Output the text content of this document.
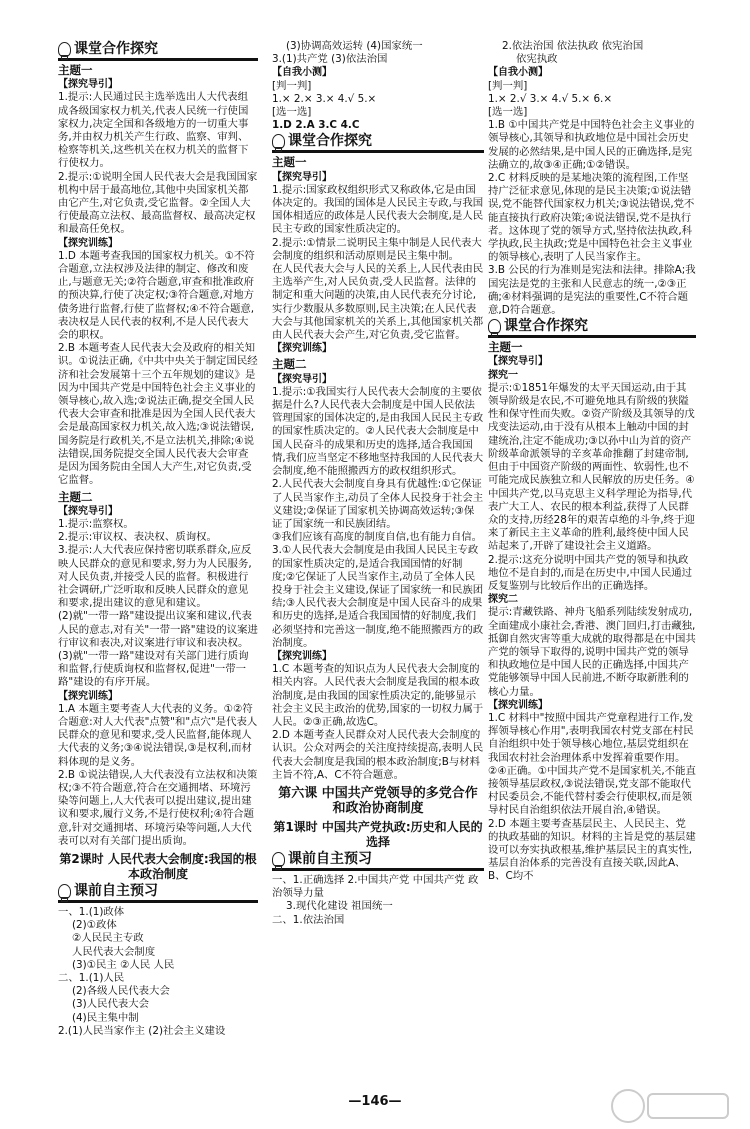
课堂合作探究
主题一
【探究导引】

1.提示:人民通过民主选举选出人大代表组成各级国家权力机关,代表人民统一行使国家权力,决定全国和各级地方的一切重大事务,并由权力机关产生行政、监察、审判、检察等机关,这些机关在权力机关的监督下行使权力。

2.提示:①说明全国人民代表大会是我国国家机构中居于最高地位,其他中央国家机关都由它产生,对它负责,受它监督。②全国人大行使最高立法权、最高监督权、最高决定权和最高任免权。

【探究训练】

1.D 本题考查我国的国家权力机关。①不符合题意,立法权涉及法律的制定、修改和废止,与题意无关;②符合题意,审查和批准政府的预决算,行使了决定权;③符合题意,对地方债务进行监督,行使了监督权;④不符合题意,表决权是人民代表的权利,不是人民代表大会的职权。

2.B 本题考查人民代表大会及政府的相关知识。①说法正确,《中共中央关于制定国民经济和社会发展第十三个五年规划的建议》是因为中国共产党是中国特色社会主义事业的领导核心,故入选;②说法正确,提交全国人民代表大会审查和批准是因为全国人民代表大会是最高国家权力机关,故入选;③说法错误,国务院是行政机关,不是立法机关,排除;④说法错误,国务院提交全国人民代表大会审查是因为国务院由全国人大产生,对它负责,受它监督。

主题二
【探究导引】

1.提示:监察权。

2.提示:审议权、表决权、质询权。

3.提示:人大代表应保持密切联系群众,应反映人民群众的意见和要求,努力为人民服务,对人民负责,并接受人民的监督。积极进行社会调研,广泛听取和反映人民群众的意见和要求,提出建议的意见和建议。

(2)就"一带一路"建设提出议案和建议,代表人民的意志,对有关"一带一路"建设的议案进行审议和表决,对议案进行审议和表决权。

(3)就"一带一路"建设对有关部门进行质询和监督,行使质询权和监督权,促进"一带一路"建设的有序开展。

【探究训练】

1.A 本题主要考查人大代表的义务。①②符合题意:对人大代表"点赞"和"点穴"是代表人民群众的意见和要求,受人民监督,能体现人大代表的义务;③④说法错误,③是权利,而材料体现的是义务。

2.B ①说法错误,人大代表没有立法权和决策权;③不符合题意,符合在交通拥堵、环境污染等问题上,人大代表可以提出建议,提出建议和要求,履行义务,不是行使权利;④符合题意,针对交通拥堵、环境污染等问题,人大代表可以对有关部门提出质询。

第2课时 人民代表大会制度:我国的根本政治制度
课前自主预习

一、1.(1)政体

(2)①政体

②人民民主专政

人民代表大会制度

(3)①民主 ②人民 人民

二、1.(1)人民

(2)各级人民代表大会

(3)人民代表大会

(4)民主集中制

2.(1)人民当家作主 (2)社会主义建设

(3)协调高效运转 (4)国家统一

3.(1)共产党 (3)依法治国

【自我小测】

[判一判]

1.× 2.× 3.× 4.√ 5.×

[选一选]

1.D 2.A 3.C 4.C

课堂合作探究
主题一
【探究导引】

1.提示:国家政权组织形式又称政体,它是由国体决定的。我国的国体是人民民主专政,与我国国体相适应的政体是人民代表大会制度,是人民民主专政的国家性质决定的。

2.提示:①情景二说明民主集中制是人民代表大会制度的组织和活动原则是民主集中制。

在人民代表大会与人民的关系上,人民代表由民主选举产生,对人民负责,受人民监督。法律的制定和重大问题的决策,由人民代表充分讨论,实行少数服从多数原则,民主决策;在人民代表大会与其他国家机关的关系上,其他国家机关都由人民代表大会产生,对它负责,受它监督。

【探究训练】
主题二
【探究导引】

1.提示:①我国实行人民代表大会制度的主要依据是什么?人民代表大会制度是中国人民依法管理国家的国体决定的,是由我国人民民主专政的国家性质决定的。②人民代表大会制度是中国人民奋斗的成果和历史的选择,适合我国国情,我们应当坚定不移地坚持我国的人民代表大会制度,绝不能照搬西方的政权组织形式。

2.人民代表大会制度自身具有优越性:①它保证了人民当家作主,动员了全体人民投身于社会主义建设;②保证了国家机关协调高效运转;③保证了国家统一和民族团结。

③我们应该有高度的制度自信,也有能力自信。

3.①人民代表大会制度是由我国人民民主专政的国家性质决定的,是适合我国国情的好制度;②它保证了人民当家作主,动员了全体人民投身于社会主义建设,保证了国家统一和民族团结;③人民代表大会制度是中国人民奋斗的成果和历史的选择,是适合我国国情的好制度,我们必须坚持和完善这一制度,绝不能照搬西方的政治制度。

【探究训练】

1.C 本题考查的知识点为人民代表大会制度的相关内容。人民代表大会制度是我国的根本政治制度,是由我国的国家性质决定的,能够显示社会主义民主政治的优势,国家的一切权力属于人民。②③正确,故选C。

2.D 本题考查人民群众对人民代表大会制度的认识。公众对两会的关注度持续提高,表明人民代表大会制度是我国的根本政治制度;B与材料主旨不符,A、C不符合题意。

第六课 中国共产党领导的多党合作和政治协商制度
第1课时 中国共产党执政:历史和人民的选择
课前自主预习

一、1.正确选择 2.中国共产党 中国共产党 政治领导力量

3.现代化建设 祖国统一

二、1.依法治国

2.依法治国 依法执政 依宪治国

依宪执政

【自我小测】

[判一判]

1.× 2.√ 3.× 4.√ 5.× 6.×

[选一选]

1.B ①中国共产党是中国特色社会主义事业的领导核心,其领导和执政地位是中国社会历史发展的必然结果,是中国人民的正确选择,是宪法确立的,故③④正确;①②错误。

2.C 材料反映的是某地决策的流程图,工作坚持广泛征求意见,体现的是民主决策;①说法错误,党不能替代国家权力机关;③说法错误,党不能直接执行政府决策;④说法错误,党不是执行者。这体现了党的领导方式,坚持依法执政,科学执政,民主执政;党是中国特色社会主义事业的领导核心,表明了人民当家作主。

3.B 公民的行为准则是宪法和法律。排除A;我国宪法是党的主张和人民意志的统一,②③正确;④材料强调的是宪法的重要性,C不符合题意,D符合题意。

课堂合作探究
主题一
【探究导引】
探究一

提示:①1851年爆发的太平天国运动,由于其领导阶级是农民,不可避免地具有阶级的狭隘性和保守性而失败。②资产阶级及其领导的戊戌变法运动,由于没有从根本上触动中国的封建统治,注定不能成功;③以孙中山为首的资产阶级革命派领导的辛亥革命推翻了封建帝制,但由于中国资产阶级的两面性、软弱性,也不可能完成民族独立和人民解放的历史任务。④中国共产党,以马克思主义科学理论为指导,代表广大工人、农民的根本利益,获得了人民群众的支持,历经28年的艰苦卓绝的斗争,终于迎来了新民主主义革命的胜利,最终使中国人民站起来了,开辟了建设社会主义道路。

2.提示:这充分说明中国共产党的领导和执政地位不是自封的,而是在历史中,中国人民通过反复鉴别与比较后作出的正确选择。

探究二

提示:青藏铁路、神舟飞船系列陆续发射成功,全面建成小康社会,香港、澳门回归,打击藏独,抵御自然灾害等重大成就的取得都是在中国共产党的领导下取得的,说明中国共产党的领导和执政地位是中国人民的正确选择,中国共产党能够领导中国人民前进,不断夺取新胜利的核心力量。

【探究训练】

1.C 材料中"按照中国共产党章程进行工作,发挥领导核心作用",表明我国农村党支部在村民自治组织中处于领导核心地位,基层党组织在我国农村社会治理体系中发挥着重要作用。②④正确。①中国共产党不是国家机关,不能直接领导基层政权,③说法错误,党支部不能取代村民委员会,不能代替村委会行使职权,而是领导村民自治组织依法开展自治,④错误。

2.D 本题主要考查基层民主、人民民主、党的执政基础的知识。材料的主旨是党的基层建设可以夯实执政根基,维护基层民主的真实性,基层自治体系的完善没有直接关联,因此A、B、C均不

—146—
